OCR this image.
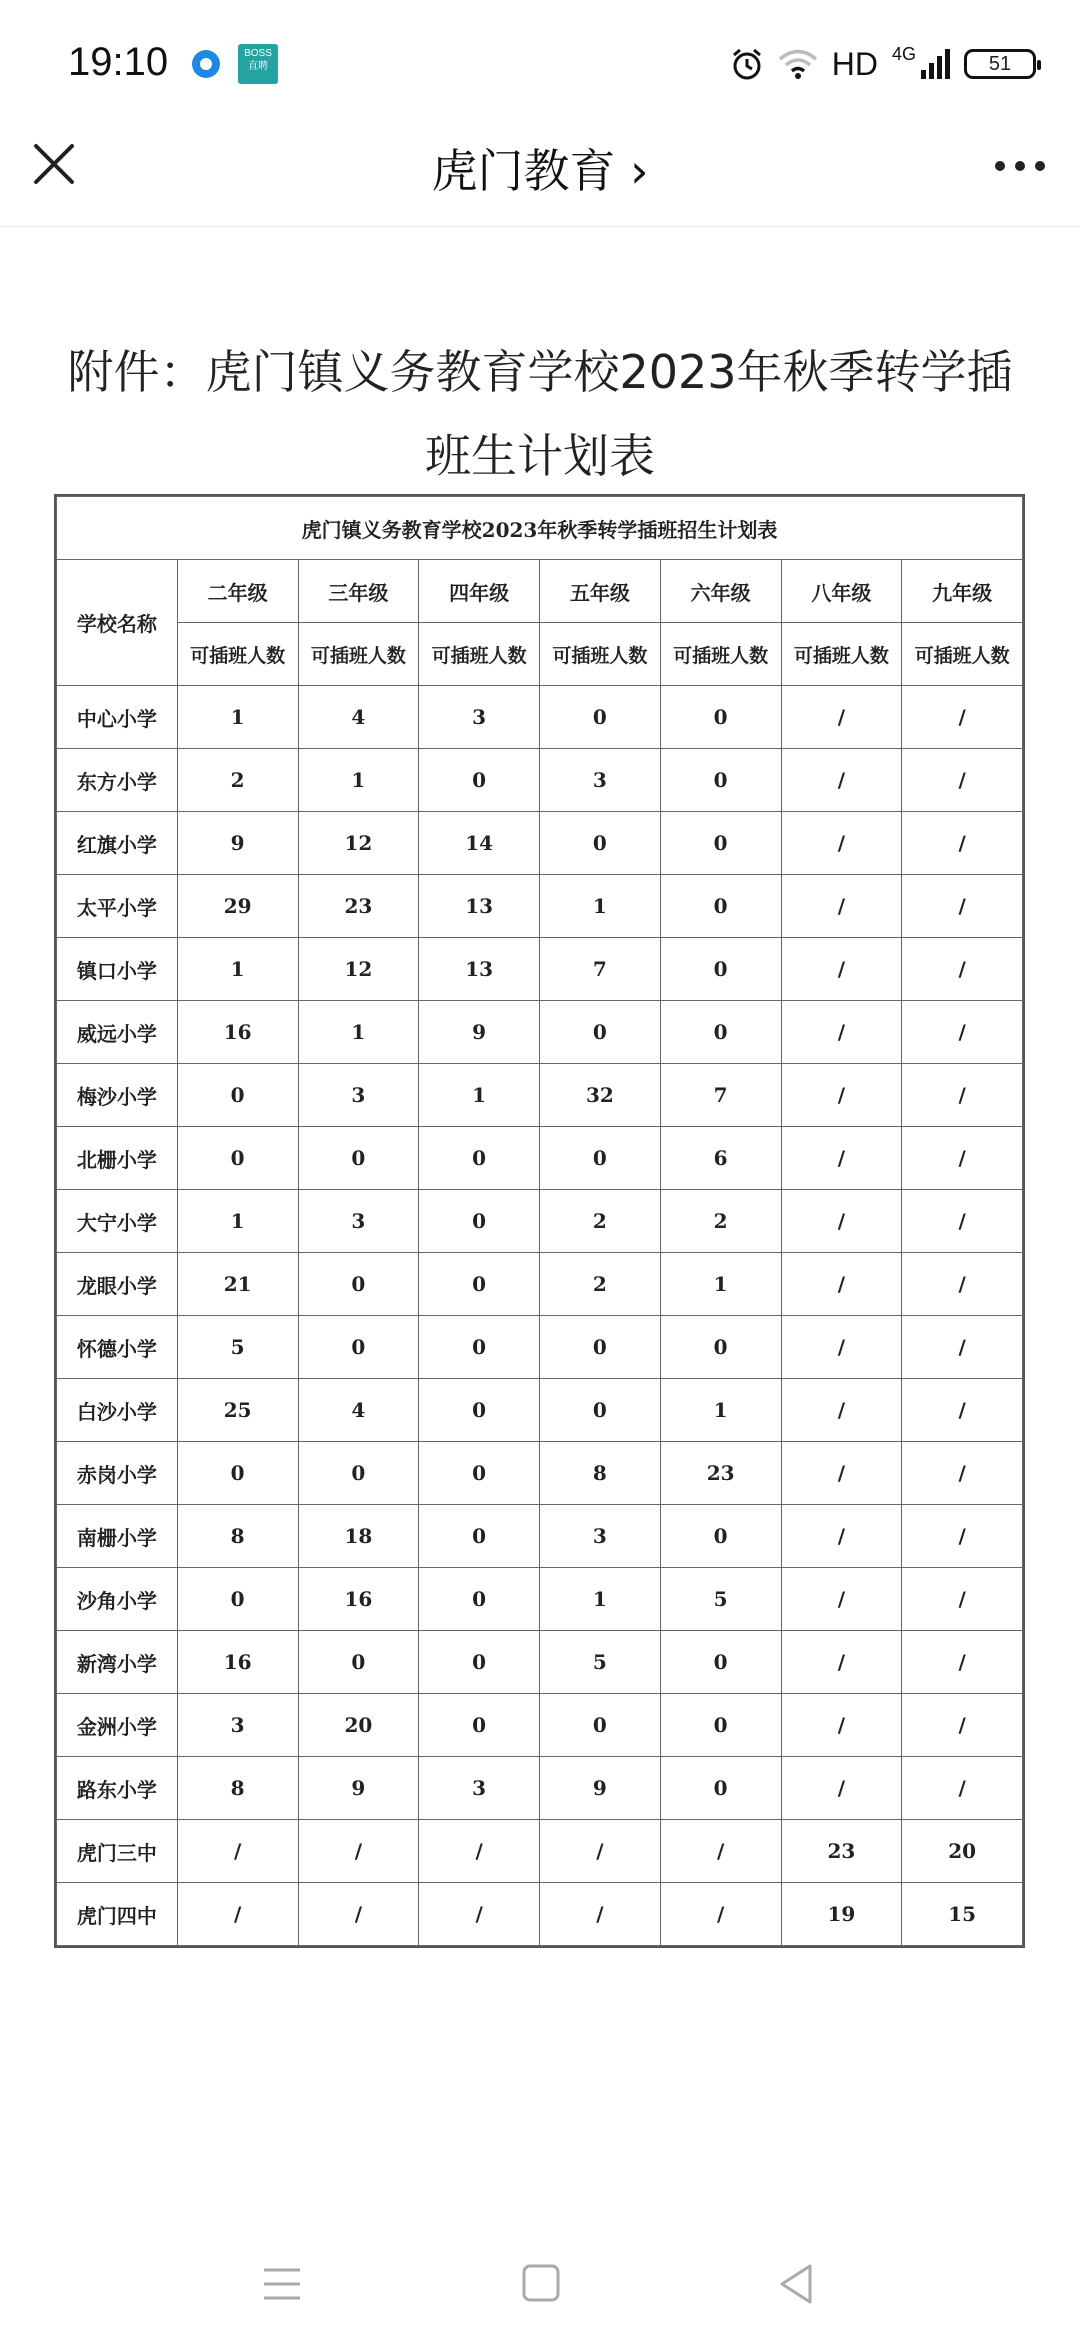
19:10	BOSS
直聘	HD 4G	51
虎门教育 ›
附件：虎门镇义务教育学校2023年秋季转学插班生计划表
虎门镇义务教育学校2023年秋季转学插班招生计划表							
学校名称	二年级	三年级	四年级	五年级	六年级	八年级	九年级
	可插班人数	可插班人数	可插班人数	可插班人数	可插班人数	可插班人数	可插班人数
中心小学	1	4	3	0	0	/	/
东方小学	2	1	0	3	0	/	/
红旗小学	9	12	14	0	0	/	/
太平小学	29	23	13	1	0	/	/
镇口小学	1	12	13	7	0	/	/
威远小学	16	1	9	0	0	/	/
梅沙小学	0	3	1	32	7	/	/
北栅小学	0	0	0	0	6	/	/
大宁小学	1	3	0	2	2	/	/
龙眼小学	21	0	0	2	1	/	/
怀德小学	5	0	0	0	0	/	/
白沙小学	25	4	0	0	1	/	/
赤岗小学	0	0	0	8	23	/	/
南栅小学	8	18	0	3	0	/	/
沙角小学	0	16	0	1	5	/	/
新湾小学	16	0	0	5	0	/	/
金洲小学	3	20	0	0	0	/	/
路东小学	8	9	3	9	0	/	/
虎门三中	/	/	/	/	/	23	20
虎门四中	/	/	/	/	/	19	15
